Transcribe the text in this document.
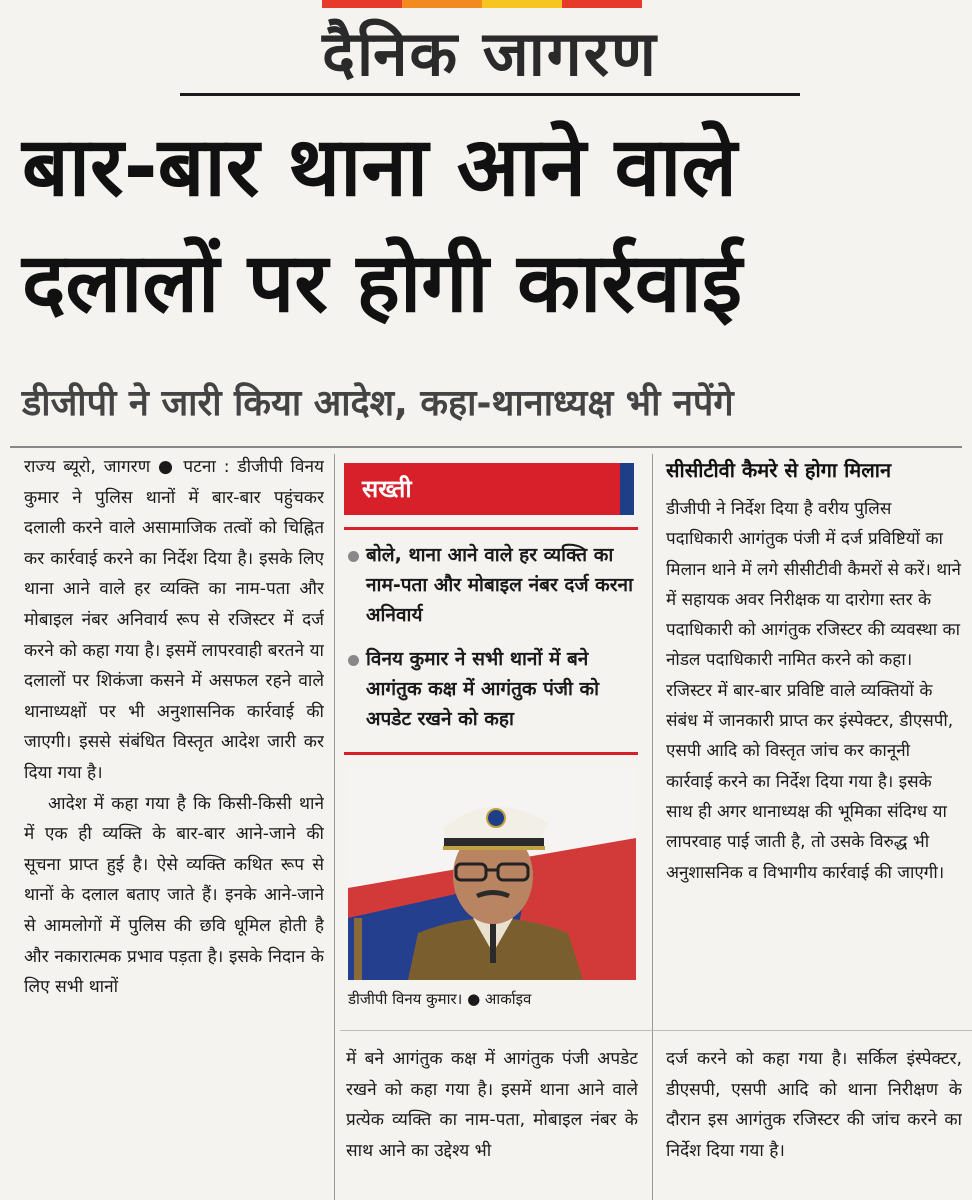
दैनिक जागरण
बार-बार थाना आने वाले
दलालों पर होगी कार्रवाई
डीजीपी ने जारी किया आदेश, कहा-थानाध्यक्ष भी नपेंगे

राज्य ब्यूरो, जागरण ● पटना : डीजीपी विनय कुमार ने पुलिस थानों में बार-बार पहुंचकर दलाली करने वाले असामाजिक तत्वों को चिह्नित कर कार्रवाई करने का निर्देश दिया है। इसके लिए थाना आने वाले हर व्यक्ति का नाम-पता और मोबाइल नंबर अनिवार्य रूप से रजिस्टर में दर्ज करने को कहा गया है। इसमें लापरवाही बरतने या दलालों पर शिकंजा कसने में असफल रहने वाले थानाध्यक्षों पर भी अनुशासनिक कार्रवाई की जाएगी। इससे संबंधित विस्तृत आदेश जारी कर दिया गया है।

आदेश में कहा गया है कि किसी-किसी थाने में एक ही व्यक्ति के बार-बार आने-जाने की सूचना प्राप्त हुई है। ऐसे व्यक्ति कथित रूप से थानों के दलाल बताए जाते हैं। इनके आने-जाने से आमलोगों में पुलिस की छवि धूमिल होती है और नकारात्मक प्रभाव पड़ता है। इसके निदान के लिए सभी थानों

सख्ती
बोले, थाना आने वाले हर व्यक्ति का नाम-पता और मोबाइल नंबर दर्ज करना अनिवार्य
विनय कुमार ने सभी थानों में बने आगंतुक कक्ष में आगंतुक पंजी को अपडेट रखने को कहा
डीजीपी विनय कुमार। ● आर्काइव

में बने आगंतुक कक्ष में आगंतुक पंजी अपडेट रखने को कहा गया है। इसमें थाना आने वाले प्रत्येक व्यक्ति का नाम-पता, मोबाइल नंबर के साथ आने का उद्देश्य भी

सीसीटीवी कैमरे से होगा मिलान

डीजीपी ने निर्देश दिया है वरीय पुलिस पदाधिकारी आगंतुक पंजी में दर्ज प्रविष्टियों का मिलान थाने में लगे सीसीटीवी कैमरों से करें। थाने में सहायक अवर निरीक्षक या दारोगा स्तर के पदाधिकारी को आगंतुक रजिस्टर की व्यवस्था का नोडल पदाधिकारी नामित करने को कहा। रजिस्टर में बार-बार प्रविष्टि वाले व्यक्तियों के संबंध में जानकारी प्राप्त कर इंस्पेक्टर, डीएसपी, एसपी आदि को विस्तृत जांच कर कानूनी कार्रवाई करने का निर्देश दिया गया है। इसके साथ ही अगर थानाध्यक्ष की भूमिका संदिग्ध या लापरवाह पाई जाती है, तो उसके विरुद्ध भी अनुशासनिक व विभागीय कार्रवाई की जाएगी।

दर्ज करने को कहा गया है। सर्किल इंस्पेक्टर, डीएसपी, एसपी आदि को थाना निरीक्षण के दौरान इस आगंतुक रजिस्टर की जांच करने का निर्देश दिया गया है।
